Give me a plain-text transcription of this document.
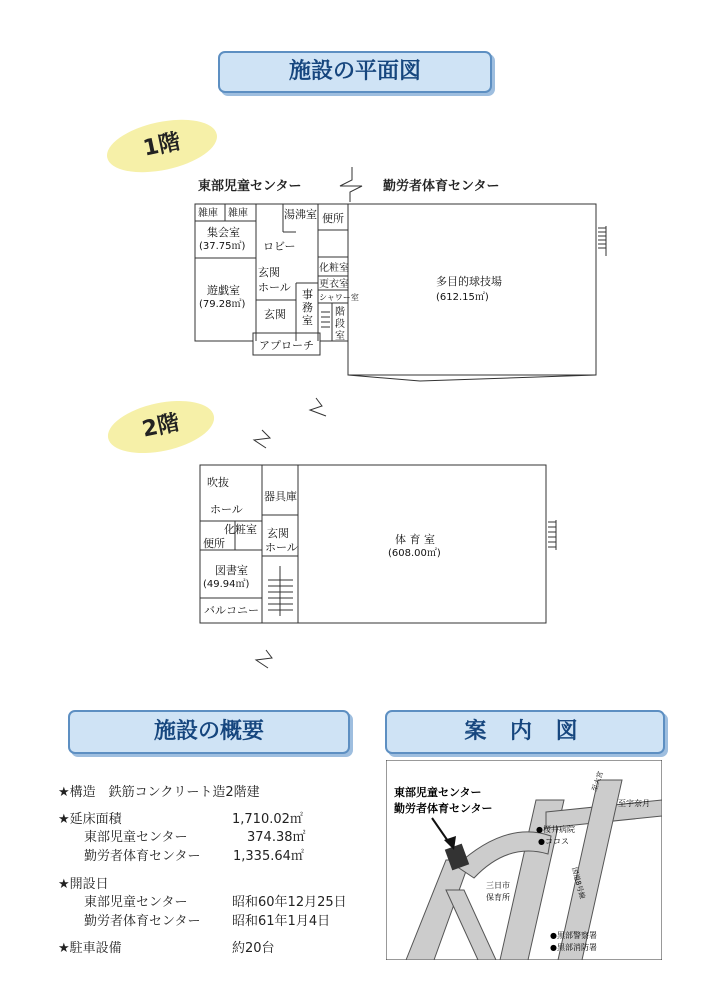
施設の平面図
1階
東部児童センター	勤労者体育センター
雑庫 雑庫	湯沸室 便所
集会室
(37.75㎡) ロビー
遊戯室
(79.28㎡)
玄関
ホール
事
務
室
玄関
アプローチ
化粧室
更衣室
シャワー室
階
段
室
多目的球技場
(612.15㎡)
吹抜
ホール
化粧室
便所
図書室
(49.94㎡)
バルコニー
器具庫
玄関
ホール
体 育 室
(608.00㎡)
2階
施設の概要	案 内 図
★構造　鉄筋コンクリート造2階建
★延床面積	1,710.02㎡
東部児童センター	374.38㎡
勤労者体育センター	1,335.64㎡
★開設日
東部児童センター	昭和60年12月25日
勤労者体育センター 昭和61年1月4日
★駐車設備	約20台
東部児童センター
勤労者体育センター
至大宮
至宇奈月
国道8号線
●桜井病院
●ココス
三日市
保育所
●黒部警察署
●黒部消防署
